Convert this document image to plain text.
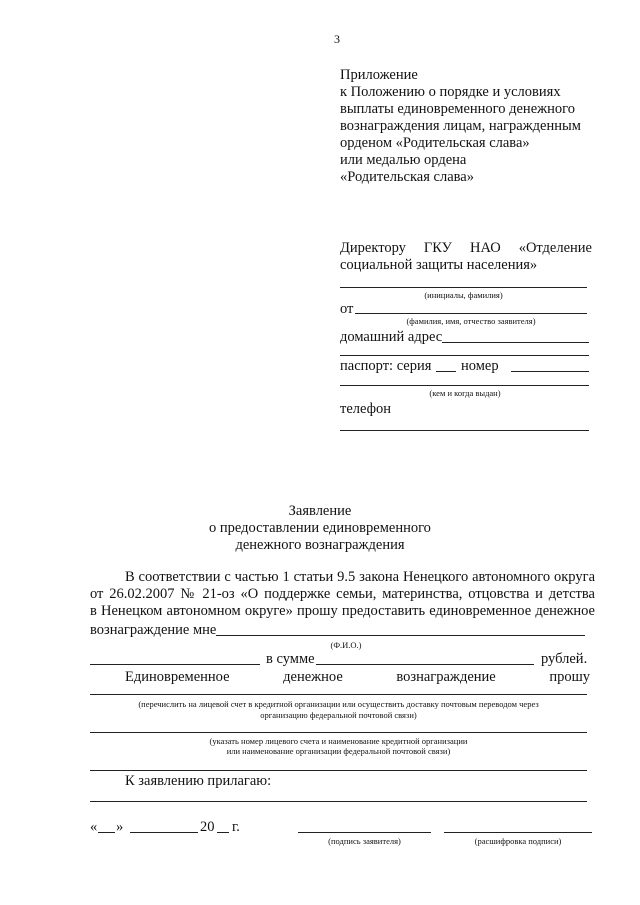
3
Приложение
к Положению о порядке и условиях
выплаты единовременного денежного
вознаграждения лицам, награжденным
орденом «Родительская слава»
или медалью ордена
«Родительская слава»
Директору ГКУ НАО «Отделение
социальной защиты населения»
(инициалы, фамилия)
от
(фамилия, имя, отчество заявителя)
домашний адрес
паспорт: серия номер
(кем и когда выдан)
телефон
Заявление
о предоставлении единовременного
денежного вознаграждения
В соответствии с частью 1 статьи 9.5 закона Ненецкого автономного округа
от 26.02.2007 № 21-оз «О поддержке семьи, материнства, отцовства и детства
в Ненецком автономном округе» прошу предоставить единовременное денежное
вознаграждение мне
(Ф.И.О.)
в сумме	рублей.
Единовременное	денежное	вознаграждение	прошу
(перечислить на лицевой счет в кредитной организации или осуществить доставку почтовым переводом через
организацию федеральной почтовой связи)
(указать номер лицевого счета и наименование кредитной организации
или наименование организации федеральной почтовой связи)
К заявлению прилагаю:
« »	20 г.
(подпись заявителя)	(расшифровка подписи)
